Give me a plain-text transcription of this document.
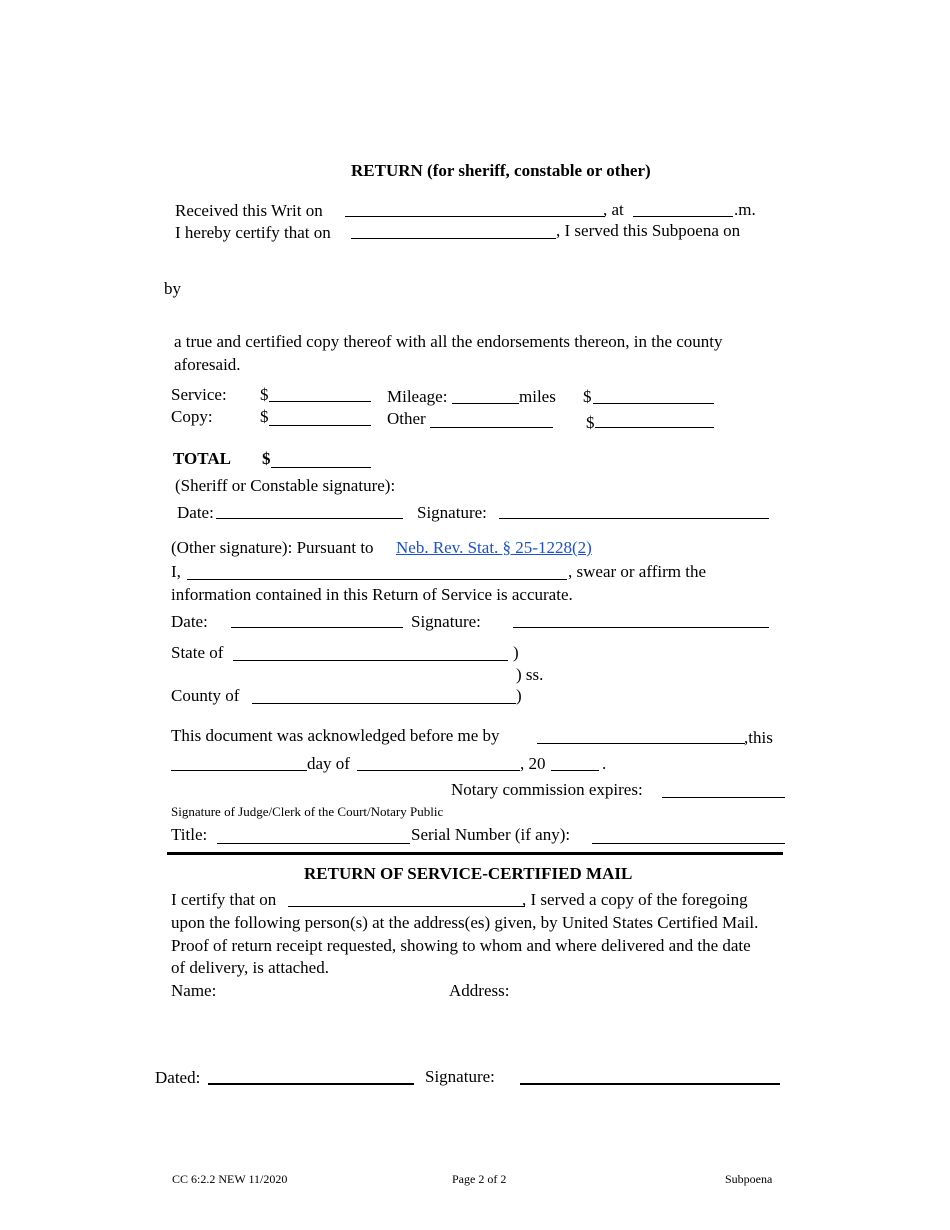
RETURN (for sheriff, constable or other)
Received this Writ on	, at	.m.
I hereby certify that on	, I served this Subpoena on
by
a true and certified copy thereof with all the endorsements thereon, in the county
aforesaid.
Service: $	Mileage:	miles $
Copy:	$	Other	$
TOTAL $
(Sheriff or Constable signature):
Date:	Signature:
(Other signature): Pursuant to Neb. Rev. Stat. § 25-1228(2)
I,	, swear or affirm the
information contained in this Return of Service is accurate.
Date:	Signature:
State of	)
) ss.
County of	)
This document was acknowledged before me by	,this
day of	, 20	.
Notary commission expires:
Signature of Judge/Clerk of the Court/Notary Public
Title:	Serial Number (if any):
RETURN OF SERVICE-CERTIFIED MAIL
I certify that on	, I served a copy of the foregoing
upon the following person(s) at the address(es) given, by United States Certified Mail.
Proof of return receipt requested, showing to whom and where delivered and the date
of delivery, is attached.
Name:	Address:
Dated:	Signature:
CC 6:2.2 NEW 11/2020	Page 2 of 2	Subpoena
